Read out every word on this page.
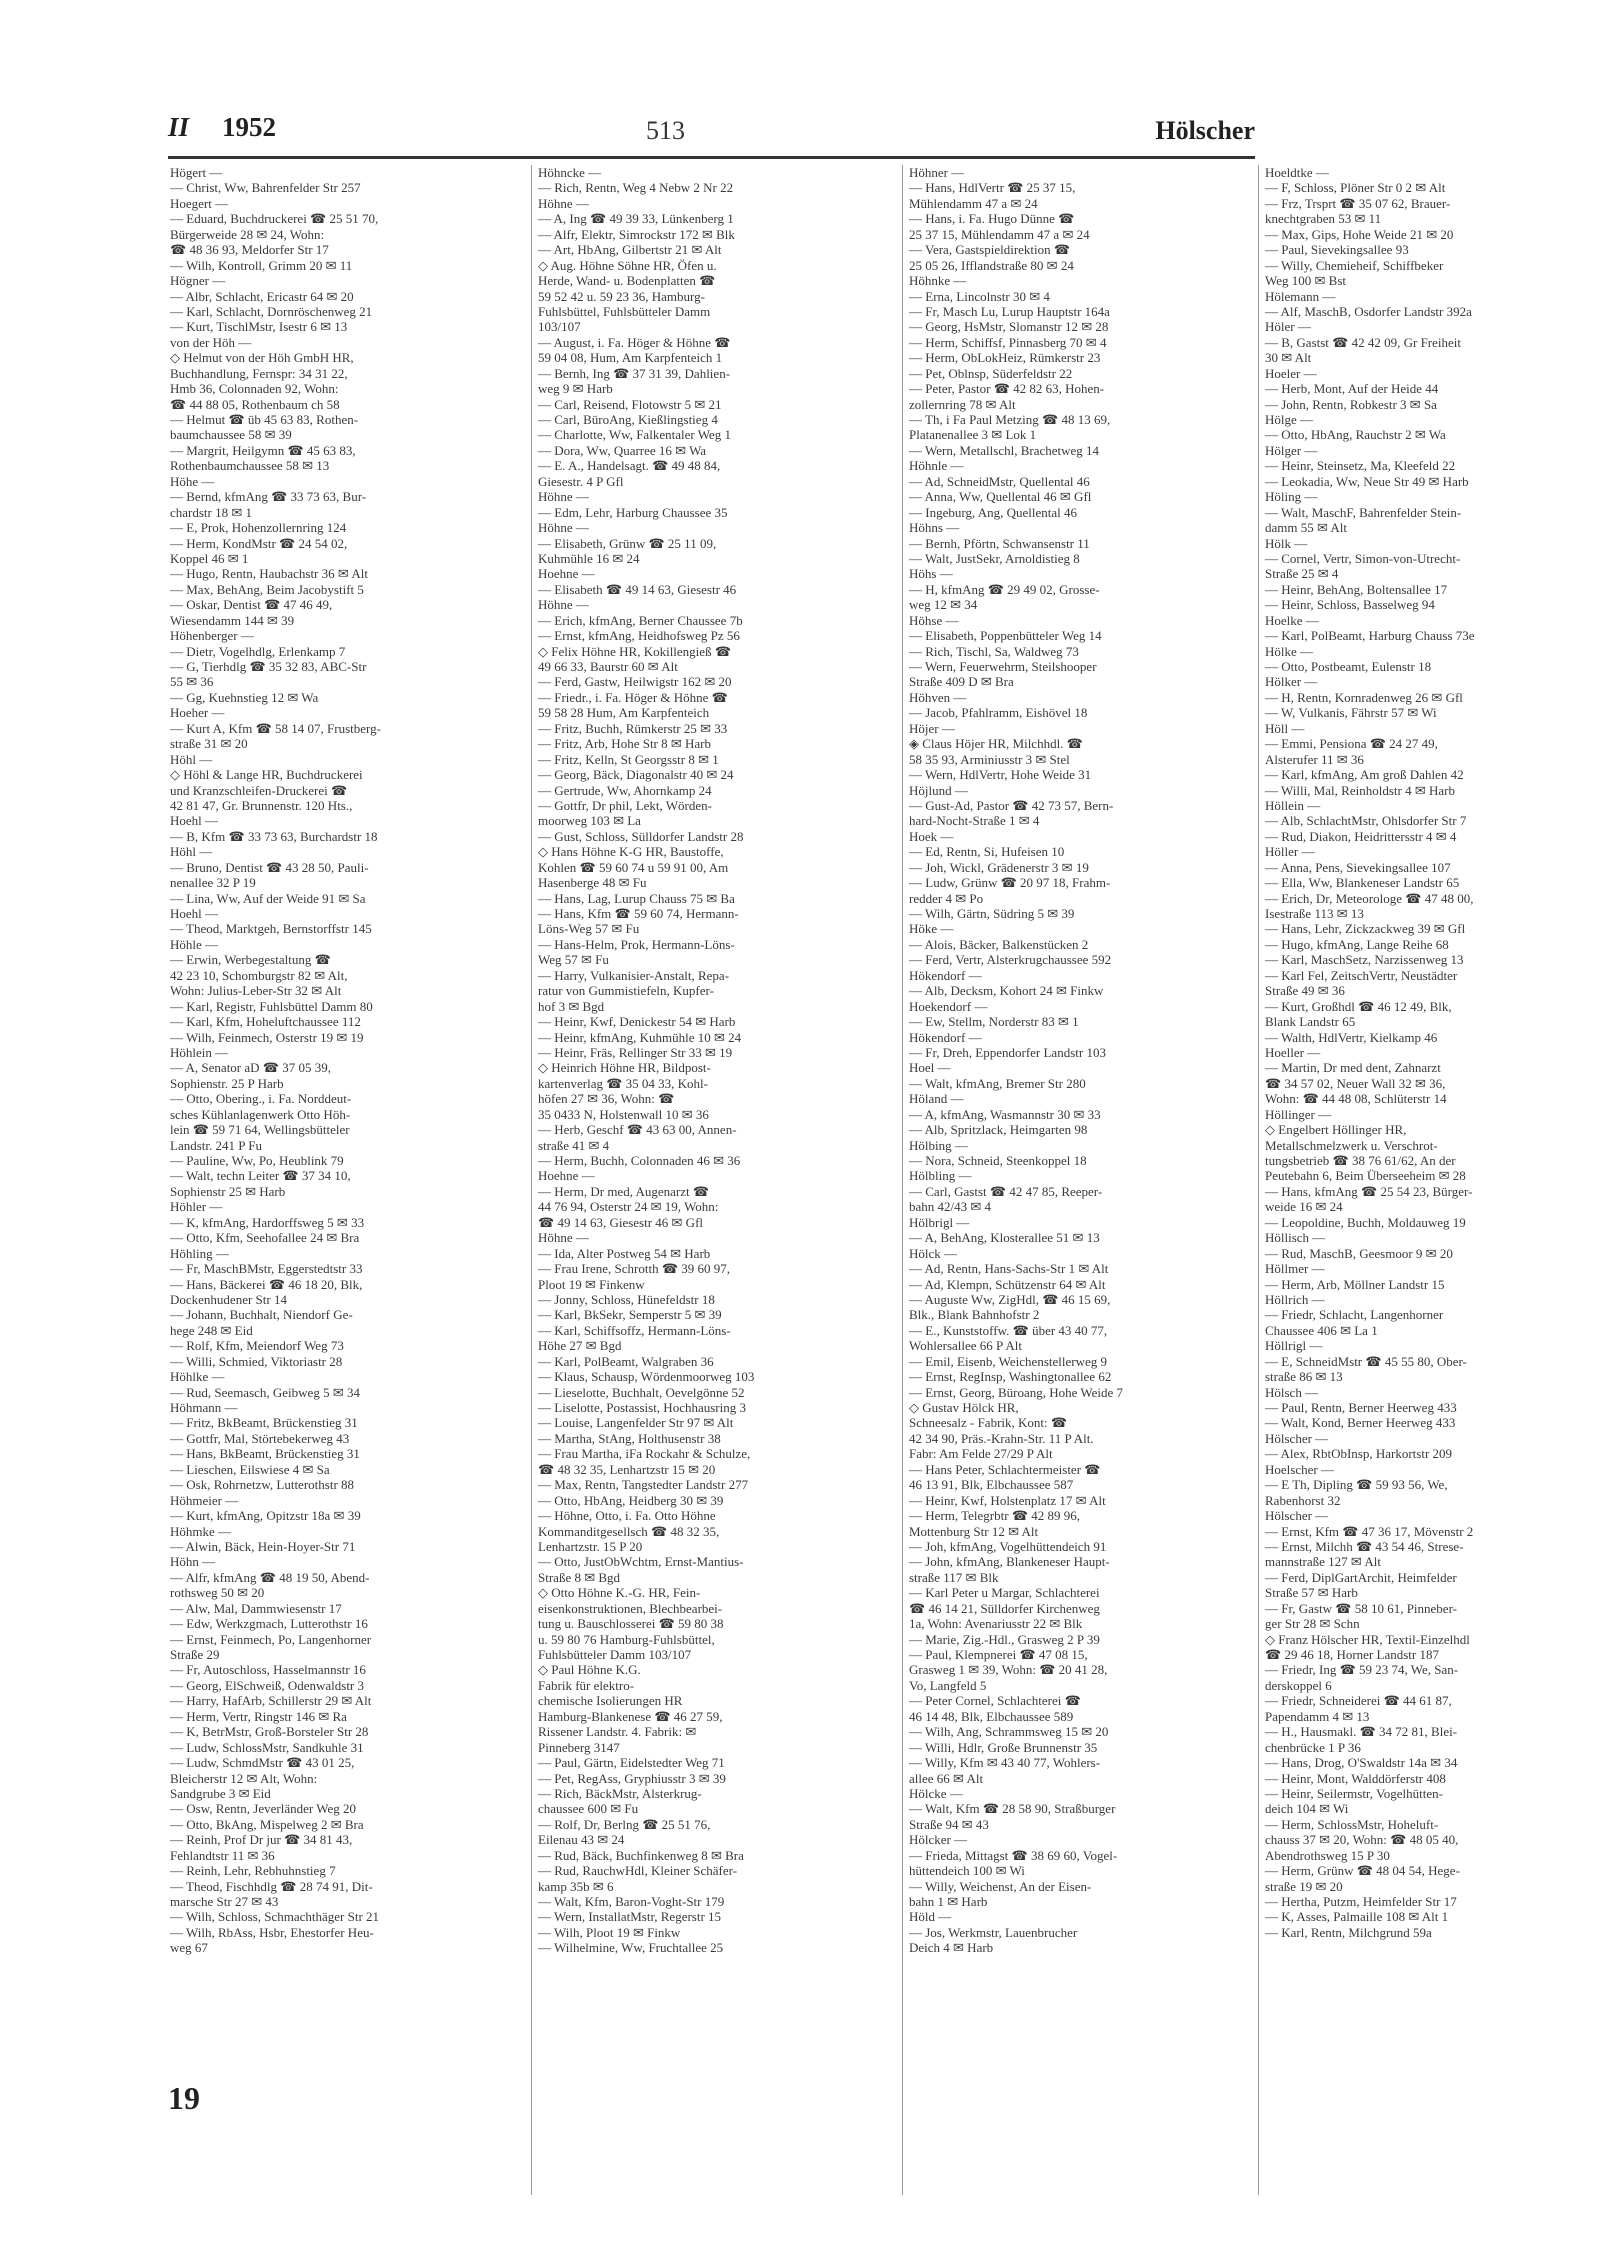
II 1952	513	Hölscher
Högert —
— Christ, Ww, Bahrenfelder Str 257
Hoegert —
— Eduard, Buchdruckerei ☎ 25 51 70,
Bürgerweide 28 ✉ 24, Wohn:
☎ 48 36 93, Meldorfer Str 17
— Wilh, Kontroll, Grimm 20 ✉ 11
Högner —
— Albr, Schlacht, Ericastr 64 ✉ 20
— Karl, Schlacht, Dornröschenweg 21
— Kurt, TischlMstr, Isestr 6 ✉ 13
von der Höh —
◇ Helmut von der Höh GmbH HR,
Buchhandlung, Fernspr: 34 31 22,
Hmb 36, Colonnaden 92, Wohn:
☎ 44 88 05, Rothenbaum ch 58
— Helmut ☎ üb 45 63 83, Rothen-
baumchaussee 58 ✉ 39
— Margrit, Heilgymn ☎ 45 63 83,
Rothenbaumchaussee 58 ✉ 13
Höhe —
— Bernd, kfmAng ☎ 33 73 63, Bur-
chardstr 18 ✉ 1
— E, Prok, Hohenzollernring 124
— Herm, KondMstr ☎ 24 54 02,
Koppel 46 ✉ 1
— Hugo, Rentn, Haubachstr 36 ✉ Alt
— Max, BehAng, Beim Jacobystift 5
— Oskar, Dentist ☎ 47 46 49,
Wiesendamm 144 ✉ 39
Höhenberger —
— Dietr, Vogelhdlg, Erlenkamp 7
— G, Tierhdlg ☎ 35 32 83, ABC-Str
55 ✉ 36
— Gg, Kuehnstieg 12 ✉ Wa
Hoeher —
— Kurt A, Kfm ☎ 58 14 07, Frustberg-
straße 31 ✉ 20
Höhl —
◇ Höhl & Lange HR, Buchdruckerei
und Kranzschleifen-Druckerei ☎
42 81 47, Gr. Brunnenstr. 120 Hts.,
Hoehl —
— B, Kfm ☎ 33 73 63, Burchardstr 18
Höhl —
— Bruno, Dentist ☎ 43 28 50, Pauli-
nenallee 32 P 19
— Lina, Ww, Auf der Weide 91 ✉ Sa
Hoehl —
— Theod, Marktgeh, Bernstorffstr 145
Höhle —
— Erwin, Werbegestaltung ☎
42 23 10, Schomburgstr 82 ✉ Alt,
Wohn: Julius-Leber-Str 32 ✉ Alt
— Karl, Registr, Fuhlsbüttel Damm 80
— Karl, Kfm, Hoheluftchaussee 112
— Wilh, Feinmech, Osterstr 19 ✉ 19
Höhlein —
— A, Senator aD ☎ 37 05 39,
Sophienstr. 25 P Harb
— Otto, Obering., i. Fa. Norddeut-
sches Kühlanlagenwerk Otto Höh-
lein ☎ 59 71 64, Wellingsbütteler
Landstr. 241 P Fu
— Pauline, Ww, Po, Heublink 79
— Walt, techn Leiter ☎ 37 34 10,
Sophienstr 25 ✉ Harb
Höhler —
— K, kfmAng, Hardorffsweg 5 ✉ 33
— Otto, Kfm, Seehofallee 24 ✉ Bra
Höhling —
— Fr, MaschBMstr, Eggerstedtstr 33
— Hans, Bäckerei ☎ 46 18 20, Blk,
Dockenhudener Str 14
— Johann, Buchhalt, Niendorf Ge-
hege 248 ✉ Eid
— Rolf, Kfm, Meiendorf Weg 73
— Willi, Schmied, Viktoriastr 28
Höhlke —
— Rud, Seemasch, Geibweg 5 ✉ 34
Höhmann —
— Fritz, BkBeamt, Brückenstieg 31
— Gottfr, Mal, Störtebekerweg 43
— Hans, BkBeamt, Brückenstieg 31
— Lieschen, Eilswiese 4 ✉ Sa
— Osk, Rohrnetzw, Lutterothstr 88
Höhmeier —
— Kurt, kfmAng, Opitzstr 18a ✉ 39
Höhmke —
— Alwin, Bäck, Hein-Hoyer-Str 71
Höhn —
— Alfr, kfmAng ☎ 48 19 50, Abend-
rothsweg 50 ✉ 20
— Alw, Mal, Dammwiesenstr 17
— Edw, Werkzgmach, Lutterothstr 16
— Ernst, Feinmech, Po, Langenhorner
Straße 29
— Fr, Autoschloss, Hasselmannstr 16
— Georg, ElSchweiß, Odenwaldstr 3
— Harry, HafArb, Schillerstr 29 ✉ Alt
— Herm, Vertr, Ringstr 146 ✉ Ra
— K, BetrMstr, Groß-Borsteler Str 28
— Ludw, SchlossMstr, Sandkuhle 31
— Ludw, SchmdMstr ☎ 43 01 25,
Bleicherstr 12 ✉ Alt, Wohn:
Sandgrube 3 ✉ Eid
— Osw, Rentn, Jeverländer Weg 20
— Otto, BkAng, Mispelweg 2 ✉ Bra
— Reinh, Prof Dr jur ☎ 34 81 43,
Fehlandtstr 11 ✉ 36
— Reinh, Lehr, Rebhuhnstieg 7
— Theod, Fischhdlg ☎ 28 74 91, Dit-
marsche Str 27 ✉ 43
— Wilh, Schloss, Schmachthäger Str 21
— Wilh, RbAss, Hsbr, Ehestorfer Heu-
weg 67
Höhncke —
— Rich, Rentn, Weg 4 Nebw 2 Nr 22
Höhne —
— A, Ing ☎ 49 39 33, Lünkenberg 1
— Alfr, Elektr, Simrockstr 172 ✉ Blk
— Art, HbAng, Gilbertstr 21 ✉ Alt
◇ Aug. Höhne Söhne HR, Öfen u.
Herde, Wand- u. Bodenplatten ☎
59 52 42 u. 59 23 36, Hamburg-
Fuhlsbüttel, Fuhlsbütteler Damm
103/107
— August, i. Fa. Höger & Höhne ☎
59 04 08, Hum, Am Karpfenteich 1
— Bernh, Ing ☎ 37 31 39, Dahlien-
weg 9 ✉ Harb
— Carl, Reisend, Flotowstr 5 ✉ 21
— Carl, BüroAng, Kießlingstieg 4
— Charlotte, Ww, Falkentaler Weg 1
— Dora, Ww, Quarree 16 ✉ Wa
— E. A., Handelsagt. ☎ 49 48 84,
Giesestr. 4 P Gfl
Höhne —
— Edm, Lehr, Harburg Chaussee 35
Höhne —
— Elisabeth, Grünw ☎ 25 11 09,
Kuhmühle 16 ✉ 24
Hoehne —
— Elisabeth ☎ 49 14 63, Giesestr 46
Höhne —
— Erich, kfmAng, Berner Chaussee 7b
— Ernst, kfmAng, Heidhofsweg Pz 56
◇ Felix Höhne HR, Kokillengieß ☎
49 66 33, Baurstr 60 ✉ Alt
— Ferd, Gastw, Heilwigstr 162 ✉ 20
— Friedr., i. Fa. Höger & Höhne ☎
59 58 28 Hum, Am Karpfenteich
— Fritz, Buchh, Rümkerstr 25 ✉ 33
— Fritz, Arb, Hohe Str 8 ✉ Harb
— Fritz, Kelln, St Georgsstr 8 ✉ 1
— Georg, Bäck, Diagonalstr 40 ✉ 24
— Gertrude, Ww, Ahornkamp 24
— Gottfr, Dr phil, Lekt, Wörden-
moorweg 103 ✉ La
— Gust, Schloss, Sülldorfer Landstr 28
◇ Hans Höhne K-G HR, Baustoffe,
Kohlen ☎ 59 60 74 u 59 91 00, Am
Hasenberge 48 ✉ Fu
— Hans, Lag, Lurup Chauss 75 ✉ Ba
— Hans, Kfm ☎ 59 60 74, Hermann-
Löns-Weg 57 ✉ Fu
— Hans-Helm, Prok, Hermann-Löns-
Weg 57 ✉ Fu
— Harry, Vulkanisier-Anstalt, Repa-
ratur von Gummistiefeln, Kupfer-
hof 3 ✉ Bgd
— Heinr, Kwf, Denickestr 54 ✉ Harb
— Heinr, kfmAng, Kuhmühle 10 ✉ 24
— Heinr, Fräs, Rellinger Str 33 ✉ 19
◇ Heinrich Höhne HR, Bildpost-
kartenverlag ☎ 35 04 33, Kohl-
höfen 27 ✉ 36, Wohn: ☎
35 0433 N, Holstenwall 10 ✉ 36
— Herb, Geschf ☎ 43 63 00, Annen-
straße 41 ✉ 4
— Herm, Buchh, Colonnaden 46 ✉ 36
Hoehne —
— Herm, Dr med, Augenarzt ☎
44 76 94, Osterstr 24 ✉ 19, Wohn:
☎ 49 14 63, Giesestr 46 ✉ Gfl
Höhne —
— Ida, Alter Postweg 54 ✉ Harb
— Frau Irene, Schrotth ☎ 39 60 97,
Ploot 19 ✉ Finkenw
— Jonny, Schloss, Hünefeldstr 18
— Karl, BkSekr, Semperstr 5 ✉ 39
— Karl, Schiffsoffz, Hermann-Löns-
Höhe 27 ✉ Bgd
— Karl, PolBeamt, Walgraben 36
— Klaus, Schausp, Wördenmoorweg 103
— Lieselotte, Buchhalt, Oevelgönne 52
— Liselotte, Postassist, Hochhausring 3
— Louise, Langenfelder Str 97 ✉ Alt
— Martha, StAng, Holthusenstr 38
— Frau Martha, iFa Rockahr & Schulze,
☎ 48 32 35, Lenhartzstr 15 ✉ 20
— Max, Rentn, Tangstedter Landstr 277
— Otto, HbAng, Heidberg 30 ✉ 39
— Höhne, Otto, i. Fa. Otto Höhne
Kommanditgesellsch ☎ 48 32 35,
Lenhartzstr. 15 P 20
— Otto, JustObWchtm, Ernst-Mantius-
Straße 8 ✉ Bgd
◇ Otto Höhne K.-G. HR, Fein-
eisenkonstruktionen, Blechbearbei-
tung u. Bauschlosserei ☎ 59 80 38
u. 59 80 76 Hamburg-Fuhlsbüttel,
Fuhlsbütteler Damm 103/107
◇ Paul Höhne K.G.
Fabrik für elektro-
chemische Isolierungen HR
Hamburg-Blankenese ☎ 46 27 59,
Rissener Landstr. 4. Fabrik: ✉
Pinneberg 3147
— Paul, Gärtn, Eidelstedter Weg 71
— Pet, RegAss, Gryphiusstr 3 ✉ 39
— Rich, BäckMstr, Alsterkrug-
chaussee 600 ✉ Fu
— Rolf, Dr, Berlng ☎ 25 51 76,
Eilenau 43 ✉ 24
— Rud, Bäck, Buchfinkenweg 8 ✉ Bra
— Rud, RauchwHdl, Kleiner Schäfer-
kamp 35b ✉ 6
— Walt, Kfm, Baron-Voght-Str 179
— Wern, InstallatMstr, Regerstr 15
— Wilh, Ploot 19 ✉ Finkw
— Wilhelmine, Ww, Fruchtallee 25
Höhner —
— Hans, HdlVertr ☎ 25 37 15,
Mühlendamm 47 a ✉ 24
— Hans, i. Fa. Hugo Dünne ☎
25 37 15, Mühlendamm 47 a ✉ 24
— Vera, Gastspieldirektion ☎
25 05 26, Ifflandstraße 80 ✉ 24
Höhnke —
— Erna, Lincolnstr 30 ✉ 4
— Fr, Masch Lu, Lurup Hauptstr 164a
— Georg, HsMstr, Slomanstr 12 ✉ 28
— Herm, Schiffsf, Pinnasberg 70 ✉ 4
— Herm, ObLokHeiz, Rümkerstr 23
— Pet, Oblnsp, Süderfeldstr 22
— Peter, Pastor ☎ 42 82 63, Hohen-
zollernring 78 ✉ Alt
— Th, i Fa Paul Metzing ☎ 48 13 69,
Platanenallee 3 ✉ Lok 1
— Wern, Metallschl, Brachetweg 14
Höhnle —
— Ad, SchneidMstr, Quellental 46
— Anna, Ww, Quellental 46 ✉ Gfl
— Ingeburg, Ang, Quellental 46
Höhns —
— Bernh, Pförtn, Schwansenstr 11
— Walt, JustSekr, Arnoldistieg 8
Höhs —
— H, kfmAng ☎ 29 49 02, Grosse-
weg 12 ✉ 34
Höhse —
— Elisabeth, Poppenbütteler Weg 14
— Rich, Tischl, Sa, Waldweg 73
— Wern, Feuerwehrm, Steilshooper
Straße 409 D ✉ Bra
Höhven —
— Jacob, Pfahlramm, Eishövel 18
Höjer —
◈ Claus Höjer HR, Milchhdl. ☎
58 35 93, Arminiusstr 3 ✉ Stel
— Wern, HdlVertr, Hohe Weide 31
Höjlund —
— Gust-Ad, Pastor ☎ 42 73 57, Bern-
hard-Nocht-Straße 1 ✉ 4
Hoek —
— Ed, Rentn, Si, Hufeisen 10
— Joh, Wickl, Grädenerstr 3 ✉ 19
— Ludw, Grünw ☎ 20 97 18, Frahm-
redder 4 ✉ Po
— Wilh, Gärtn, Südring 5 ✉ 39
Höke —
— Alois, Bäcker, Balkenstücken 2
— Ferd, Vertr, Alsterkrugchaussee 592
Hökendorf —
— Alb, Decksm, Kohort 24 ✉ Finkw
Hoekendorf —
— Ew, Stellm, Norderstr 83 ✉ 1
Hökendorf —
— Fr, Dreh, Eppendorfer Landstr 103
Hoel —
— Walt, kfmAng, Bremer Str 280
Höland —
— A, kfmAng, Wasmannstr 30 ✉ 33
— Alb, Spritzlack, Heimgarten 98
Hölbing —
— Nora, Schneid, Steenkoppel 18
Hölbling —
— Carl, Gastst ☎ 42 47 85, Reeper-
bahn 42/43 ✉ 4
Hölbrigl —
— A, BehAng, Klosterallee 51 ✉ 13
Hölck —
— Ad, Rentn, Hans-Sachs-Str 1 ✉ Alt
— Ad, Klempn, Schützenstr 64 ✉ Alt
— Auguste Ww, ZigHdl, ☎ 46 15 69,
Blk., Blank Bahnhofstr 2
— E., Kunststoffw. ☎ über 43 40 77,
Wohlersallee 66 P Alt
— Emil, Eisenb, Weichenstellerweg 9
— Ernst, RegInsp, Washingtonallee 62
— Ernst, Georg, Büroang, Hohe Weide 7
◇ Gustav Hölck HR,
Schneesalz - Fabrik, Kont: ☎
42 34 90, Präs.-Krahn-Str. 11 P Alt.
Fabr: Am Felde 27/29 P Alt
— Hans Peter, Schlachtermeister ☎
46 13 91, Blk, Elbchaussee 587
— Heinr, Kwf, Holstenplatz 17 ✉ Alt
— Herm, Telegrbtr ☎ 42 89 96,
Mottenburg Str 12 ✉ Alt
— Joh, kfmAng, Vogelhüttendeich 91
— John, kfmAng, Blankeneser Haupt-
straße 117 ✉ Blk
— Karl Peter u Margar, Schlachterei
☎ 46 14 21, Sülldorfer Kirchenweg
1a, Wohn: Avenariusstr 22 ✉ Blk
— Marie, Zig.-Hdl., Grasweg 2 P 39
— Paul, Klempnerei ☎ 47 08 15,
Grasweg 1 ✉ 39, Wohn: ☎ 20 41 28,
Vo, Langfeld 5
— Peter Cornel, Schlachterei ☎
46 14 48, Blk, Elbchaussee 589
— Wilh, Ang, Schrammsweg 15 ✉ 20
— Willi, Hdlr, Große Brunnenstr 35
— Willy, Kfm ✉ 43 40 77, Wohlers-
allee 66 ✉ Alt
Hölcke —
— Walt, Kfm ☎ 28 58 90, Straßburger
Straße 94 ✉ 43
Hölcker —
— Frieda, Mittagst ☎ 38 69 60, Vogel-
hüttendeich 100 ✉ Wi
— Willy, Weichenst, An der Eisen-
bahn 1 ✉ Harb
Höld —
— Jos, Werkmstr, Lauenbrucher
Deich 4 ✉ Harb
Hoeldtke —
— F, Schloss, Plöner Str 0 2 ✉ Alt
— Frz, Trsprt ☎ 35 07 62, Brauer-
knechtgraben 53 ✉ 11
— Max, Gips, Hohe Weide 21 ✉ 20
— Paul, Sievekingsallee 93
— Willy, Chemieheif, Schiffbeker
Weg 100 ✉ Bst
Hölemann —
— Alf, MaschB, Osdorfer Landstr 392a
Höler —
— B, Gastst ☎ 42 42 09, Gr Freiheit
30 ✉ Alt
Hoeler —
— Herb, Mont, Auf der Heide 44
— John, Rentn, Robkestr 3 ✉ Sa
Hölge —
— Otto, HbAng, Rauchstr 2 ✉ Wa
Hölger —
— Heinr, Steinsetz, Ma, Kleefeld 22
— Leokadia, Ww, Neue Str 49 ✉ Harb
Höling —
— Walt, MaschF, Bahrenfelder Stein-
damm 55 ✉ Alt
Hölk —
— Cornel, Vertr, Simon-von-Utrecht-
Straße 25 ✉ 4
— Heinr, BehAng, Boltensallee 17
— Heinr, Schloss, Basselweg 94
Hoelke —
— Karl, PolBeamt, Harburg Chauss 73e
Hölke —
— Otto, Postbeamt, Eulenstr 18
Hölker —
— H, Rentn, Kornradenweg 26 ✉ Gfl
— W, Vulkanis, Fährstr 57 ✉ Wi
Höll —
— Emmi, Pensiona ☎ 24 27 49,
Alsterufer 11 ✉ 36
— Karl, kfmAng, Am groß Dahlen 42
— Willi, Mal, Reinholdstr 4 ✉ Harb
Höllein —
— Alb, SchlachtMstr, Ohlsdorfer Str 7
— Rud, Diakon, Heidrittersstr 4 ✉ 4
Höller —
— Anna, Pens, Sievekingsallee 107
— Ella, Ww, Blankeneser Landstr 65
— Erich, Dr, Meteorologe ☎ 47 48 00,
Isestraße 113 ✉ 13
— Hans, Lehr, Zickzackweg 39 ✉ Gfl
— Hugo, kfmAng, Lange Reihe 68
— Karl, MaschSetz, Narzissenweg 13
— Karl Fel, ZeitschVertr, Neustädter
Straße 49 ✉ 36
— Kurt, Großhdl ☎ 46 12 49, Blk,
Blank Landstr 65
— Walth, HdlVertr, Kielkamp 46
Hoeller —
— Martin, Dr med dent, Zahnarzt
☎ 34 57 02, Neuer Wall 32 ✉ 36,
Wohn: ☎ 44 48 08, Schlüterstr 14
Höllinger —
◇ Engelbert Höllinger HR,
Metallschmelzwerk u. Verschrot-
tungsbetrieb ☎ 38 76 61/62, An der
Peutebahn 6, Beim Überseeheim ✉ 28
— Hans, kfmAng ☎ 25 54 23, Bürger-
weide 16 ✉ 24
— Leopoldine, Buchh, Moldauweg 19
Höllisch —
— Rud, MaschB, Geesmoor 9 ✉ 20
Höllmer —
— Herm, Arb, Möllner Landstr 15
Höllrich —
— Friedr, Schlacht, Langenhorner
Chaussee 406 ✉ La 1
Höllrigl —
— E, SchneidMstr ☎ 45 55 80, Ober-
straße 86 ✉ 13
Hölsch —
— Paul, Rentn, Berner Heerweg 433
— Walt, Kond, Berner Heerweg 433
Hölscher —
— Alex, RbtObInsp, Harkortstr 209
Hoelscher —
— E Th, Dipling ☎ 59 93 56, We,
Rabenhorst 32
Hölscher —
— Ernst, Kfm ☎ 47 36 17, Mövenstr 2
— Ernst, Milchh ☎ 43 54 46, Strese-
mannstraße 127 ✉ Alt
— Ferd, DiplGartArchit, Heimfelder
Straße 57 ✉ Harb
— Fr, Gastw ☎ 58 10 61, Pinneber-
ger Str 28 ✉ Schn
◇ Franz Hölscher HR, Textil-Einzelhdl
☎ 29 46 18, Horner Landstr 187
— Friedr, Ing ☎ 59 23 74, We, San-
derskoppel 6
— Friedr, Schneiderei ☎ 44 61 87,
Papendamm 4 ✉ 13
— H., Hausmakl. ☎ 34 72 81, Blei-
chenbrücke 1 P 36
— Hans, Drog, O'Swaldstr 14a ✉ 34
— Heinr, Mont, Walddörferstr 408
— Heinr, Seilermstr, Vogelhütten-
deich 104 ✉ Wi
— Herm, SchlossMstr, Hoheluft-
chauss 37 ✉ 20, Wohn: ☎ 48 05 40,
Abendrothsweg 15 P 30
— Herm, Grünw ☎ 48 04 54, Hege-
straße 19 ✉ 20
— Hertha, Putzm, Heimfelder Str 17
— K, Asses, Palmaille 108 ✉ Alt 1
— Karl, Rentn, Milchgrund 59a
19
